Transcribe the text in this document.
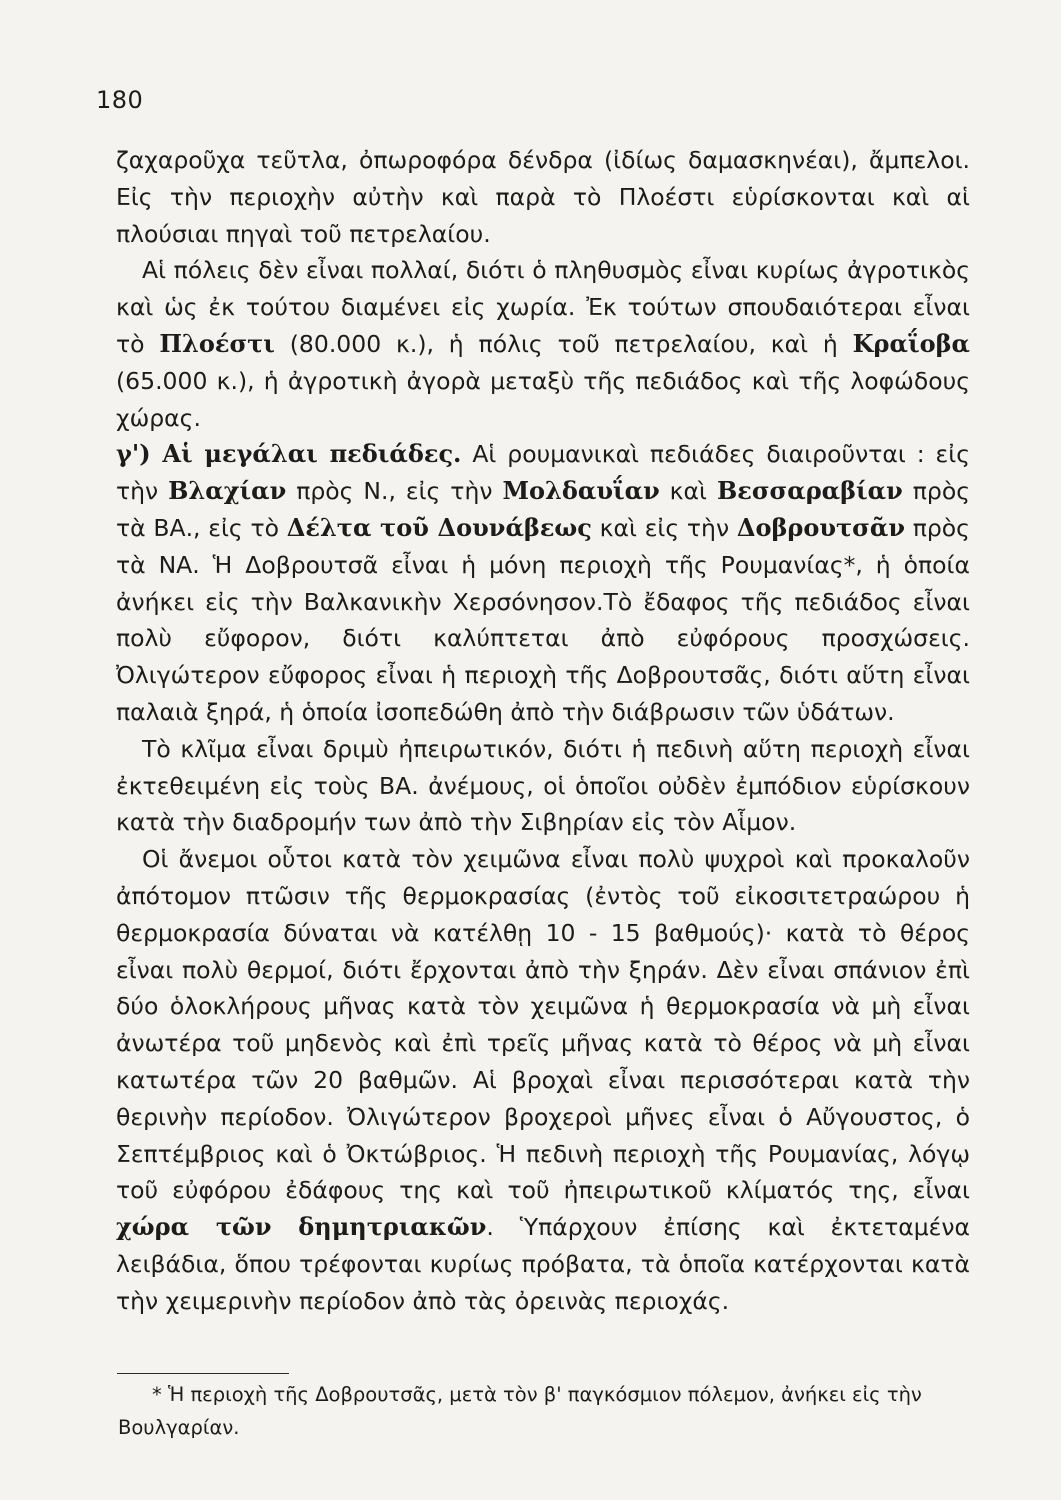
180

ζαχαροῦχα τεῦτλα, ὀπωροφόρα δένδρα (ἰδίως δαμασκηνέαι), ἄμπελοι. Εἰς τὴν περιοχὴν αὐτὴν καὶ παρὰ τὸ Πλοέστι εὑρίσκονται καὶ αἱ πλούσιαι πηγαὶ τοῦ πετρελαίου.

Αἱ πόλεις δὲν εἶναι πολλαί, διότι ὁ πληθυσμὸς εἶναι κυρίως ἀγροτικὸς καὶ ὡς ἐκ τούτου διαμένει εἰς χωρία. Ἐκ τούτων σπουδαιότεραι εἶναι τὸ Πλοέστι (80.000 κ.), ἡ πόλις τοῦ πετρελαίου, καὶ ἡ Κραΐοβα (65.000 κ.), ἡ ἀγροτικὴ ἀγορὰ μεταξὺ τῆς πεδιάδος καὶ τῆς λοφώδους χώρας.

γ') Αἱ μεγάλαι πεδιάδες. Αἱ ρουμανικαὶ πεδιάδες διαιροῦνται : εἰς τὴν Βλαχίαν πρὸς Ν., εἰς τὴν Μολδαυΐαν καὶ Βεσσαραβίαν πρὸς τὰ ΒΑ., εἰς τὸ Δέλτα τοῦ Δουνάβεως καὶ εἰς τὴν Δοβρουτσᾶν πρὸς τὰ ΝΑ. Ἡ Δοβρουτσᾶ εἶναι ἡ μόνη περιοχὴ τῆς Ρουμανίας*, ἡ ὁποία ἀνήκει εἰς τὴν Βαλκανικὴν Χερσόνησον.Τὸ ἔδαφος τῆς πεδιάδος εἶναι πολὺ εὔφορον, διότι καλύπτεται ἀπὸ εὐφόρους προσχώσεις. Ὀλιγώτερον εὔφορος εἶναι ἡ περιοχὴ τῆς Δοβρουτσᾶς, διότι αὕτη εἶναι παλαιὰ ξηρά, ἡ ὁποία ἰσοπεδώθη ἀπὸ τὴν διάβρωσιν τῶν ὑδάτων.

Τὸ κλῖμα εἶναι δριμὺ ἠπειρωτικόν, διότι ἡ πεδινὴ αὕτη περιοχὴ εἶναι ἐκτεθειμένη εἰς τοὺς ΒΑ. ἀνέμους, οἱ ὁποῖοι οὐδὲν ἐμπόδιον εὑρίσκουν κατὰ τὴν διαδρομήν των ἀπὸ τὴν Σιβηρίαν εἰς τὸν Αἷμον.

Οἱ ἄνεμοι οὗτοι κατὰ τὸν χειμῶνα εἶναι πολὺ ψυχροὶ καὶ προκαλοῦν ἀπότομον πτῶσιν τῆς θερμοκρασίας (ἐντὸς τοῦ εἰκοσιτετραώρου ἡ θερμοκρασία δύναται νὰ κατέλθῃ 10 - 15 βαθμούς)· κατὰ τὸ θέρος εἶναι πολὺ θερμοί, διότι ἔρχονται ἀπὸ τὴν ξηράν. Δὲν εἶναι σπάνιον ἐπὶ δύο ὁλοκλήρους μῆνας κατὰ τὸν χειμῶνα ἡ θερμοκρασία νὰ μὴ εἶναι ἀνωτέρα τοῦ μηδενὸς καὶ ἐπὶ τρεῖς μῆνας κατὰ τὸ θέρος νὰ μὴ εἶναι κατωτέρα τῶν 20 βαθμῶν. Αἱ βροχαὶ εἶναι περισσότεραι κατὰ τὴν θερινὴν περίοδον. Ὀλιγώτερον βροχεροὶ μῆνες εἶναι ὁ Αὔγουστος, ὁ Σεπτέμβριος καὶ ὁ Ὀκτώβριος. Ἡ πεδινὴ περιοχὴ τῆς Ρουμανίας, λόγῳ τοῦ εὐφόρου ἐδάφους της καὶ τοῦ ἠπειρωτικοῦ κλίματός της, εἶναι χώρα τῶν δημητριακῶν. Ὑπάρχουν ἐπίσης καὶ ἐκτεταμένα λειβάδια, ὅπου τρέφονται κυρίως πρόβατα, τὰ ὁποῖα κατέρχονται κατὰ τὴν χειμερινὴν περίοδον ἀπὸ τὰς ὀρεινὰς περιοχάς.

* Ἡ περιοχὴ τῆς Δοβρουτσᾶς, μετὰ τὸν β' παγκόσμιον πόλεμον, ἀνήκει εἰς τὴν Βουλγαρίαν.
